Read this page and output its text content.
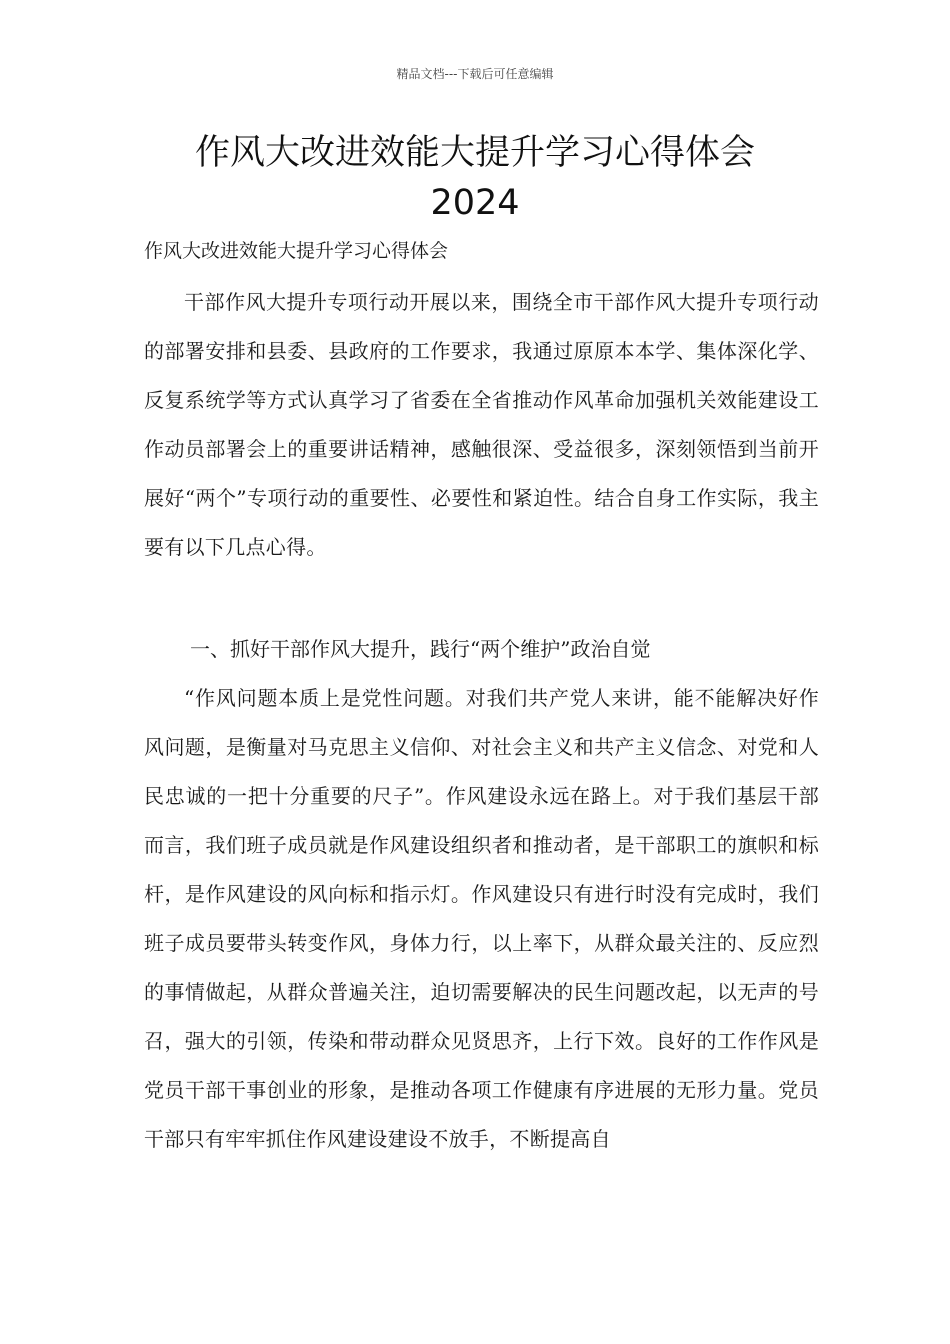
精品文档---下载后可任意编辑
作风大改进效能大提升学习心得体会
2024
作风大改进效能大提升学习心得体会

干部作风大提升专项行动开展以来，围绕全市干部作风大提升专项行动的部署安排和县委、县政府的工作要求，我通过原原本本学、集体深化学、反复系统学等方式认真学习了省委在全省推动作风革命加强机关效能建设工作动员部署会上的重要讲话精神，感触很深、受益很多，深刻领悟到当前开展好“两个”专项行动的重要性、必要性和紧迫性。结合自身工作实际，我主要有以下几点心得。

一、抓好干部作风大提升，践行“两个维护”政治自觉

“作风问题本质上是党性问题。对我们共产党人来讲，能不能解决好作风问题，是衡量对马克思主义信仰、对社会主义和共产主义信念、对党和人民忠诚的一把十分重要的尺子”。作风建设永远在路上。对于我们基层干部而言，我们班子成员就是作风建设组织者和推动者，是干部职工的旗帜和标杆，是作风建设的风向标和指示灯。作风建设只有进行时没有完成时，我们班子成员要带头转变作风，身体力行，以上率下，从群众最关注的、反应烈的事情做起，从群众普遍关注，迫切需要解决的民生问题改起，以无声的号召，强大的引领，传染和带动群众见贤思齐，上行下效。良好的工作作风是党员干部干事创业的形象，是推动各项工作健康有序进展的无形力量。党员干部只有牢牢抓住作风建设建设不放手，不断提高自
